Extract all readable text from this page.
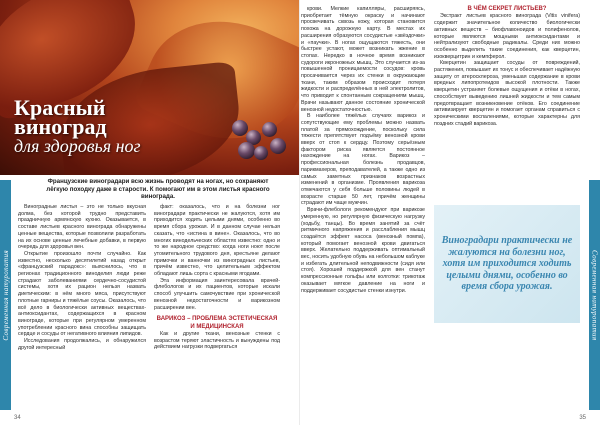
Красный
виноград
для здоровья ног
Французские виноградари всю жизнь проводят на ногах, но сохраняют лёгкую походку даже в старости. К помогают им в этом листья красного винограда.

Виноградные листья – это не только вкусная долма, без которой трудно представить праздничную армянскую кухню. Оказывается, в составе листьев красного винограда обнаружены ценные вещества, которые позволили разработать на их основе ценные лечебные добавки, в первую очередь для здоровья вен.

Открытие произошло почти случайно. Как известно, несколько десятилетий назад открыт «французский парадокс»: выяснилось, что в регионах традиционного виноделия люди реже страдают заболеваниями сердечно-сосудистой системы, хотя их рацион нельзя назвать диетическим: в нём много мяса, присутствуют плотные гарниры и тяжёлые соусы. Оказалось, что всё дело в биологически активных веществах-антиоксидантах, содержащихся в красном винограде, которые при регулярном умеренном употреблении красного вина способны защищать сердце и сосуды от негативного влияния липидов.

Исследования продолжались, и обнаружился другой интересный

факт: оказалось, что и на болезни ног виноградари практически не жалуются, хотя им приходится ходить целыми днями, особенно во время сбора урожая. И в данном случае нельзя сказать, что «истина в вине». Оказалось, что во многих винодельческих областях известно: одно и то же народное средство: когда ноги ноют после утомительного трудового дня, крестьяне делают примочки и ванночки из виноградных листьев, причём известно, что целительным эффектом обладают лишь сорта с красными ягодами.

Эта информация заинтересовала врачей-флебологов и их пациентов, которые искали способ улучшить самочувствие при хронической венозной недостаточности и варикозном расширении вен.

ВАРИКОЗ – ПРОБЛЕМА ЭСТЕТИЧЕСКАЯ И МЕДИЦИНСКАЯ

Как и другие ткани, венозные стенки с возрастом теряют эластичность и вынуждены под действием нагрузки подвергаться

Современная натуропатия
34

крови. Мелкие капилляры, расширяясь, приобретает тёмную окраску и начинают просвечивать сквозь кожу, которая становится похожа на дорожную карту. В местах их расширения образуются сосудистые «звёздочки» и «паучки». В ногах ощущаются тяжесть, они быстрее устают, может возникать жжение в стопах. Нередко в ночное время возникают судороги икроножных мышц. Это случается из-за повышенной проницаемости сосудов: кровь просачивается через их стенки в окружающие ткани, таким образом происходит потеря жидкости и распределённых в ней электролитов, что приводит к спонтанным сокращениям мышц. Врачи называют данное состояние хронической венозной недостаточностью.

В наиболее тяжёлых случаях варикоз и сопутствующие ему проблемы можно назвать платой за прямохождение, поскольку сила тяжести препятствует подъёму венозной крови вверх от стоп к сердцу. Поэтому серьёзным фактором риска является постоянное нахождение на ногах. Варикоз – профессиональная болезнь продавцов, парикмахеров, преподавателей, а также одно из самых заметных признаков возрастных изменений в организме. Проявления варикоза отмечаются у себя больше половины людей в возрасте старше 50 лет, причём женщины страдают им чаще мужчин.

Врачи-флебологи рекомендуют при варикозе умеренную, но регулярную физическую нагрузку (ходьбу, танцы). Во время занятий за счёт ритмичного напряжения и расслабления мышц создаётся эффект насоса (венозный помпа), который помогает венозной крови двигаться вверх. Желательно поддерживать оптимальный вес, носить удобную обувь на небольшом каблуке и избегать длительной неподвижности (сидя или стоя). Хорошей поддержкой для вен станут компрессионные гольфы или колготки: трикотаж оказывает мягкое давление на ноги и поддерживает сосудистые стенки изнутри.

В ЧЁМ СЕКРЕТ ЛИСТЬЕВ?

Экстракт листьев красного винограда (Vitis vinifera) содержит значительное количество биологически активных веществ – биофлавоноидов и полифенолов, которые являются мощными антиоксидантами и нейтрализуют свободные радикалы. Среди них можно особенно выделить такие соединения, как кверцетин, изокверцитрин и кемпферол.

Кверцетин защищает сосуды от повреждений, растяжения, повышает их тонус и обеспечивает надёжную защиту от атеросклероза, уменьшая содержание в крови вредных липопротеидов высокой плотности. Также кверцетин устраняет болевые ощущения и отёки в ногах, способствует выведению лишней жидкости и тем самым предотвращает возникновение отёков. Его соединение активизирует кверцетин и помогает органам справиться с хроническими воспалениями, которые характерны для поздних стадий варикоза.

Виноградари практически не жалуются на болезни ног, хотя им приходится ходить целыми днями, особенно во время сбора урожая.	Современная натуропатия
35
